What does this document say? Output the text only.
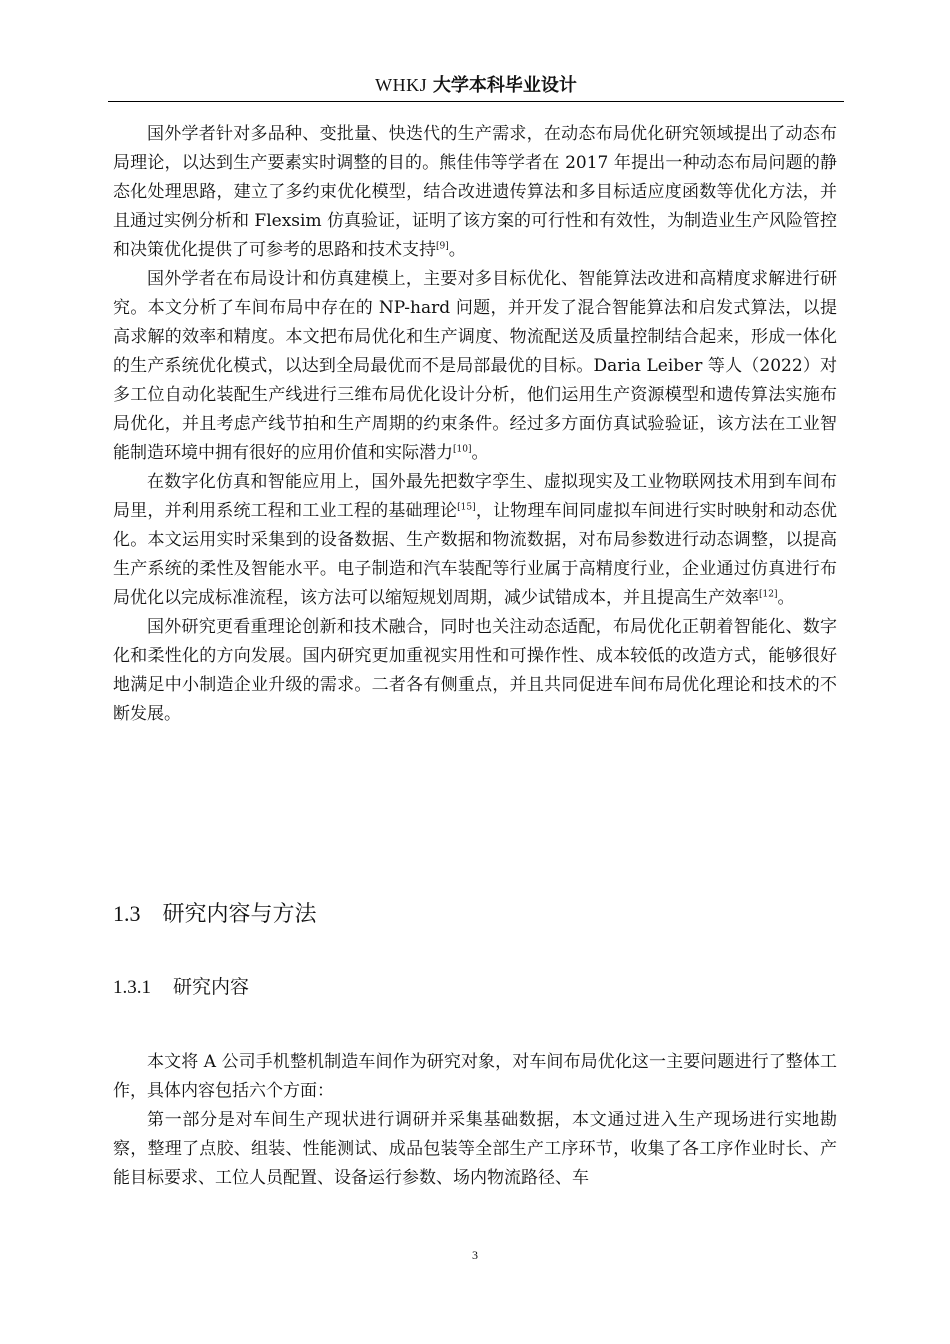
WHKJ 大学本科毕业设计

国外学者针对多品种、变批量、快迭代的生产需求，在动态布局优化研究领域提出了动态布局理论，以达到生产要素实时调整的目的。熊佳伟等学者在 2017 年提出一种动态布局问题的静态化处理思路，建立了多约束优化模型，结合改进遗传算法和多目标适应度函数等优化方法，并且通过实例分析和 Flexsim 仿真验证，证明了该方案的可行性和有效性，为制造业生产风险管控和决策优化提供了可参考的思路和技术支持[9]。

国外学者在布局设计和仿真建模上，主要对多目标优化、智能算法改进和高精度求解进行研究。本文分析了车间布局中存在的 NP-hard 问题，并开发了混合智能算法和启发式算法，以提高求解的效率和精度。本文把布局优化和生产调度、物流配送及质量控制结合起来，形成一体化的生产系统优化模式，以达到全局最优而不是局部最优的目标。Daria Leiber 等人（2022）对多工位自动化装配生产线进行三维布局优化设计分析，他们运用生产资源模型和遗传算法实施布局优化，并且考虑产线节拍和生产周期的约束条件。经过多方面仿真试验验证，该方法在工业智能制造环境中拥有很好的应用价值和实际潜力[10]。

在数字化仿真和智能应用上，国外最先把数字孪生、虚拟现实及工业物联网技术用到车间布局里，并利用系统工程和工业工程的基础理论[15]，让物理车间同虚拟车间进行实时映射和动态优化。本文运用实时采集到的设备数据、生产数据和物流数据，对布局参数进行动态调整，以提高生产系统的柔性及智能水平。电子制造和汽车装配等行业属于高精度行业，企业通过仿真进行布局优化以完成标准流程，该方法可以缩短规划周期，减少试错成本，并且提高生产效率[12]。

国外研究更看重理论创新和技术融合，同时也关注动态适配，布局优化正朝着智能化、数字化和柔性化的方向发展。国内研究更加重视实用性和可操作性、成本较低的改造方式，能够很好地满足中小制造企业升级的需求。二者各有侧重点，并且共同促进车间布局优化理论和技术的不断发展。

1.3 研究内容与方法
1.3.1 研究内容

本文将 A 公司手机整机制造车间作为研究对象，对车间布局优化这一主要问题进行了整体工作，具体内容包括六个方面：

第一部分是对车间生产现状进行调研并采集基础数据，本文通过进入生产现场进行实地勘察，整理了点胶、组装、性能测试、成品包装等全部生产工序环节，收集了各工序作业时长、产能目标要求、工位人员配置、设备运行参数、场内物流路径、车

3
